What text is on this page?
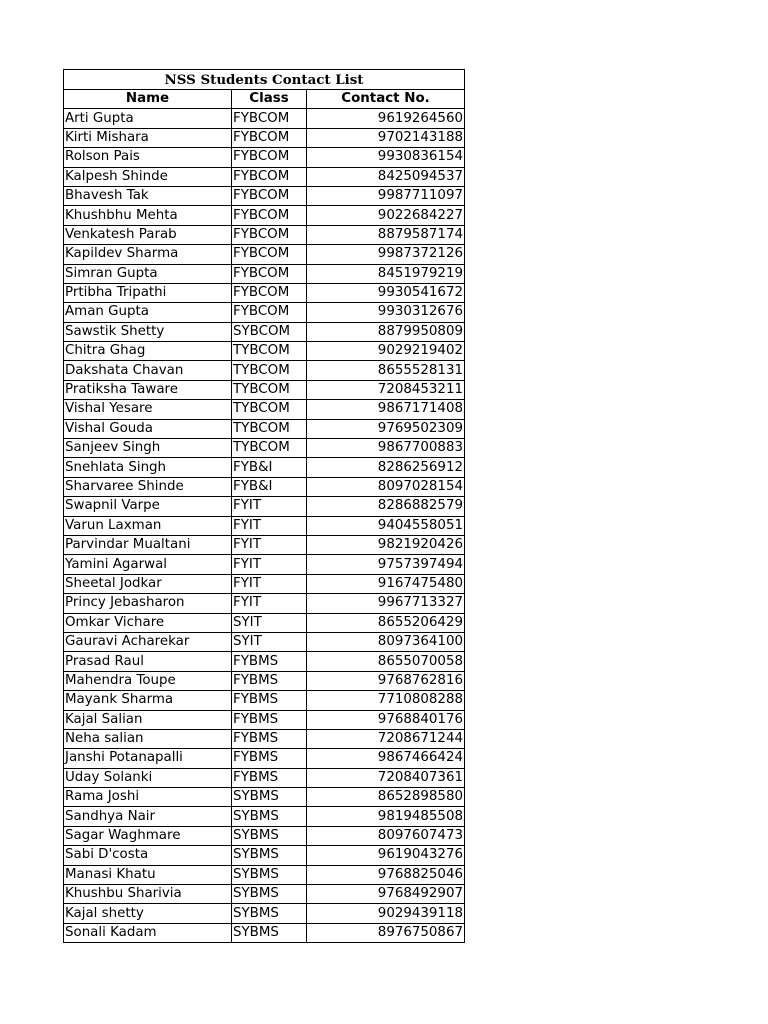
NSS Students Contact List		
Name	Class	Contact No.
Arti Gupta	FYBCOM	9619264560
Kirti Mishara	FYBCOM	9702143188
Rolson Pais	FYBCOM	9930836154
Kalpesh Shinde	FYBCOM	8425094537
Bhavesh Tak	FYBCOM	9987711097
Khushbhu Mehta	FYBCOM	9022684227
Venkatesh Parab	FYBCOM	8879587174
Kapildev Sharma	FYBCOM	9987372126
Simran Gupta	FYBCOM	8451979219
Prtibha Tripathi	FYBCOM	9930541672
Aman Gupta	FYBCOM	9930312676
Sawstik Shetty	SYBCOM	8879950809
Chitra Ghag	TYBCOM	9029219402
Dakshata Chavan	TYBCOM	8655528131
Pratiksha Taware	TYBCOM	7208453211
Vishal Yesare	TYBCOM	9867171408
Vishal Gouda	TYBCOM	9769502309
Sanjeev Singh	TYBCOM	9867700883
Snehlata Singh	FYB&I	8286256912
Sharvaree Shinde	FYB&I	8097028154
Swapnil Varpe	FYIT	8286882579
Varun Laxman	FYIT	9404558051
Parvindar Mualtani	FYIT	9821920426
Yamini Agarwal	FYIT	9757397494
Sheetal Jodkar	FYIT	9167475480
Princy Jebasharon	FYIT	9967713327
Omkar Vichare	SYIT	8655206429
Gauravi Acharekar	SYIT	8097364100
Prasad Raul	FYBMS	8655070058
Mahendra Toupe	FYBMS	9768762816
Mayank Sharma	FYBMS	7710808288
Kajal Salian	FYBMS	9768840176
Neha salian	FYBMS	7208671244
Janshi Potanapalli	FYBMS	9867466424
Uday Solanki	FYBMS	7208407361
Rama Joshi	SYBMS	8652898580
Sandhya Nair	SYBMS	9819485508
Sagar Waghmare	SYBMS	8097607473
Sabi D'costa	SYBMS	9619043276
Manasi Khatu	SYBMS	9768825046
Khushbu Sharivia	SYBMS	9768492907
Kajal shetty	SYBMS	9029439118
Sonali Kadam	SYBMS	8976750867
